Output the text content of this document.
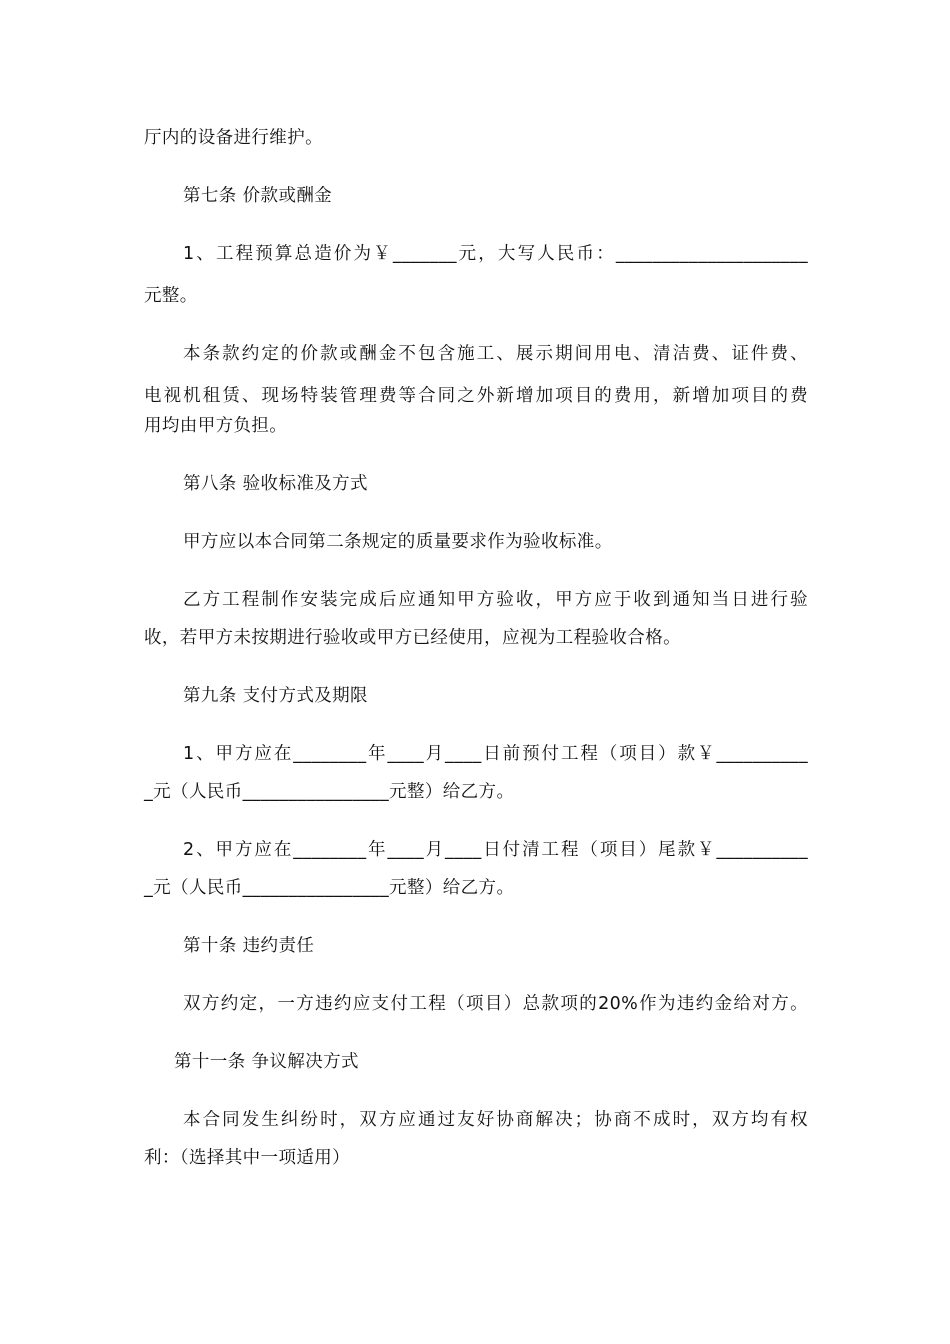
厅内的设备进行维护。
第七条 价款或酬金
1、工程预算总造价为￥_______元，大写人民币：_____________________
元整。
本条款约定的价款或酬金不包含施工、展示期间用电、清洁费、证件费、
电视机租赁、现场特装管理费等合同之外新增加项目的费用，新增加项目的费
用均由甲方负担。
第八条 验收标准及方式
甲方应以本合同第二条规定的质量要求作为验收标准。
乙方工程制作安装完成后应通知甲方验收，甲方应于收到通知当日进行验
收，若甲方未按期进行验收或甲方已经使用，应视为工程验收合格。
第九条 支付方式及期限
1、甲方应在________年____月____日前预付工程（项目）款￥__________
_元（人民币________________元整）给乙方。
2、甲方应在________年____月____日付清工程（项目）尾款￥__________
_元（人民币________________元整）给乙方。
第十条 违约责任
双方约定，一方违约应支付工程（项目）总款项的20%作为违约金给对方。
第十一条 争议解决方式
本合同发生纠纷时，双方应通过友好协商解决；协商不成时，双方均有权
利：（选择其中一项适用）
